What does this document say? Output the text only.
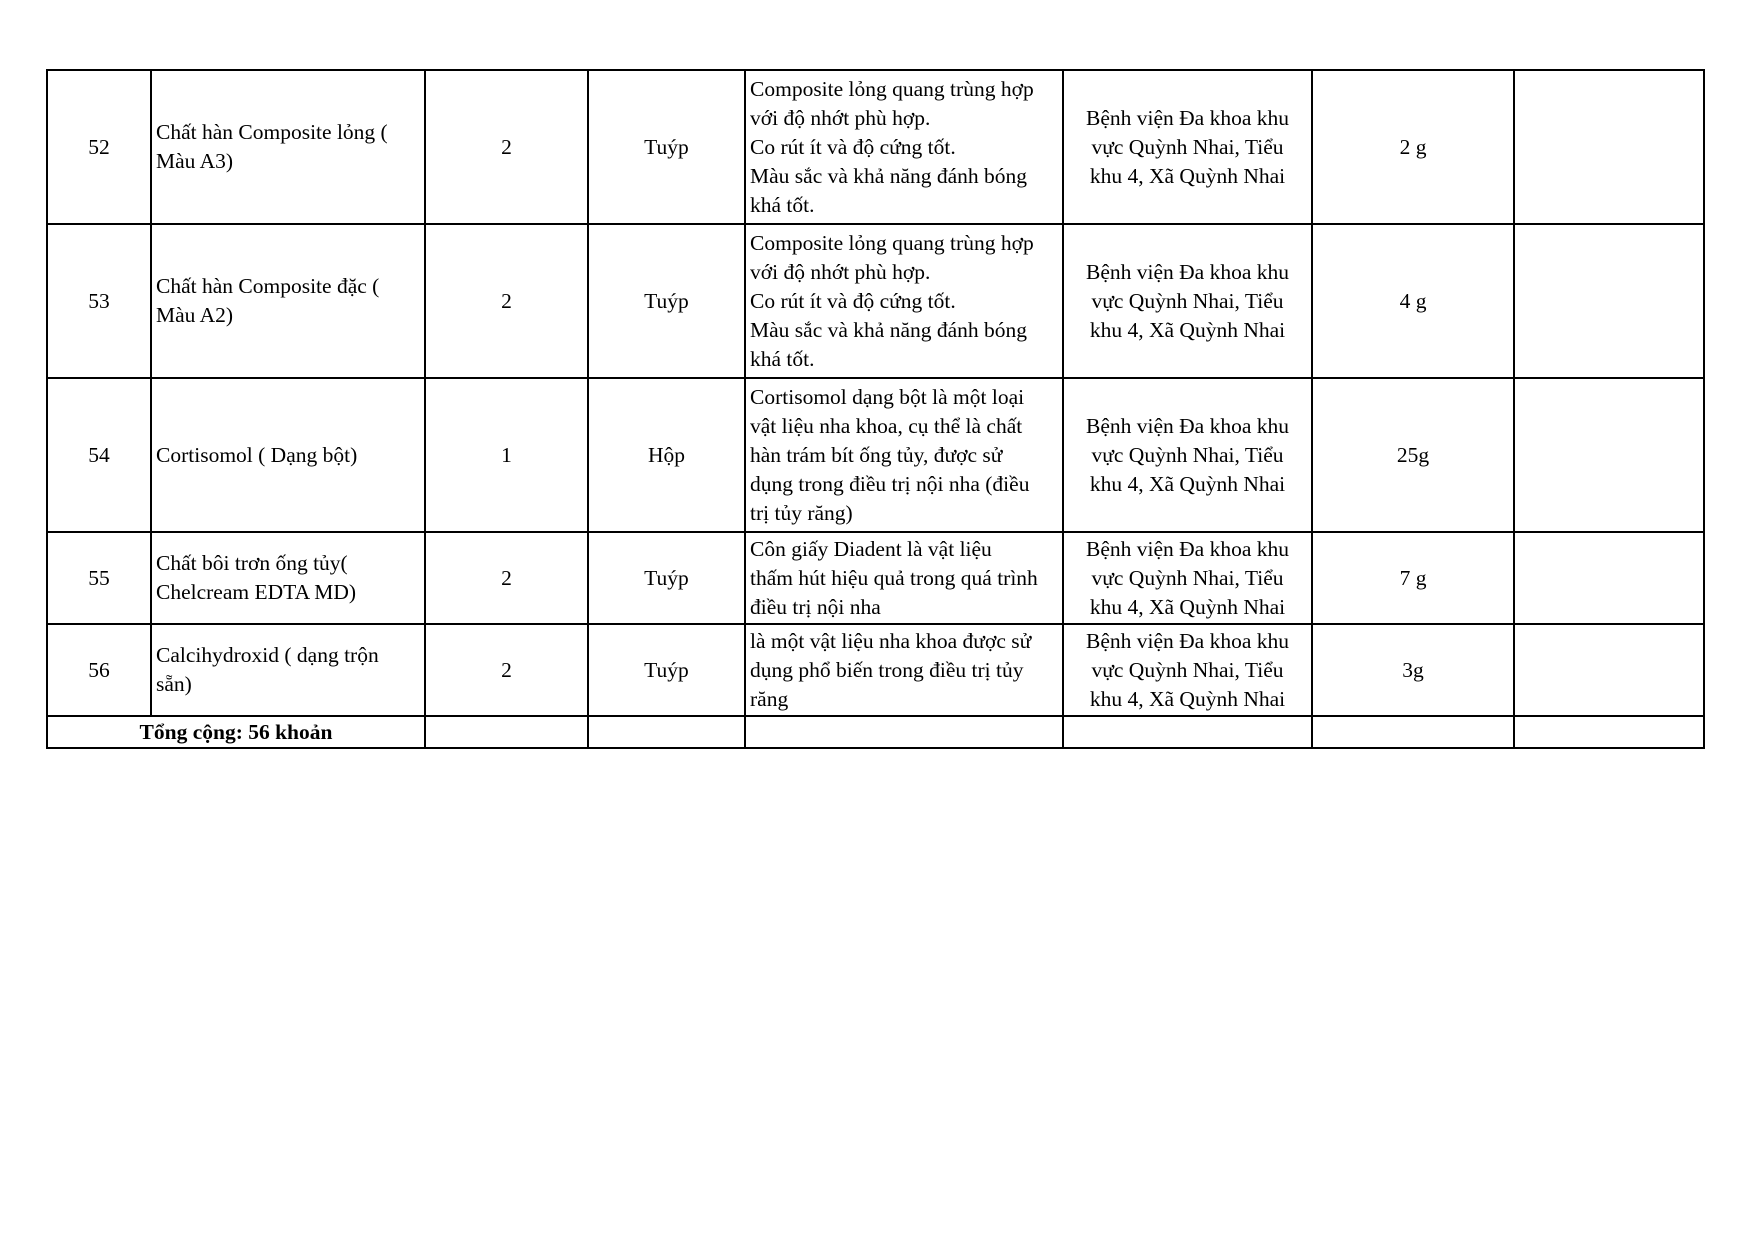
52	Chất hàn Composite lỏng (
Màu A3)	2	Tuýp	Composite lỏng quang trùng hợp
với độ nhớt phù hợp.
Co rút ít và độ cứng tốt.
Màu sắc và khả năng đánh bóng
khá tốt.	Bệnh viện Đa khoa khu
vực Quỳnh Nhai, Tiểu
khu 4, Xã Quỳnh Nhai	2 g	
53	Chất hàn Composite đặc (
Màu A2)	2	Tuýp	Composite lỏng quang trùng hợp
với độ nhớt phù hợp.
Co rút ít và độ cứng tốt.
Màu sắc và khả năng đánh bóng
khá tốt.	Bệnh viện Đa khoa khu
vực Quỳnh Nhai, Tiểu
khu 4, Xã Quỳnh Nhai	4 g	
54	Cortisomol ( Dạng bột)	1	Hộp	Cortisomol dạng bột là một loại
vật liệu nha khoa, cụ thể là chất
hàn trám bít ống tủy, được sử
dụng trong điều trị nội nha (điều
trị tủy răng)	Bệnh viện Đa khoa khu
vực Quỳnh Nhai, Tiểu
khu 4, Xã Quỳnh Nhai	25g	
55	Chất bôi trơn ống tủy(
Chelcream EDTA MD)	2	Tuýp	Côn giấy Diadent là vật liệu
thấm hút hiệu quả trong quá trình
điều trị nội nha	Bệnh viện Đa khoa khu
vực Quỳnh Nhai, Tiểu
khu 4, Xã Quỳnh Nhai	7 g	
56	Calcihydroxid ( dạng trộn
sẵn)	2	Tuýp	là một vật liệu nha khoa được sử
dụng phổ biến trong điều trị tủy
răng	Bệnh viện Đa khoa khu
vực Quỳnh Nhai, Tiểu
khu 4, Xã Quỳnh Nhai	3g	
Tổng cộng: 56 khoản							
